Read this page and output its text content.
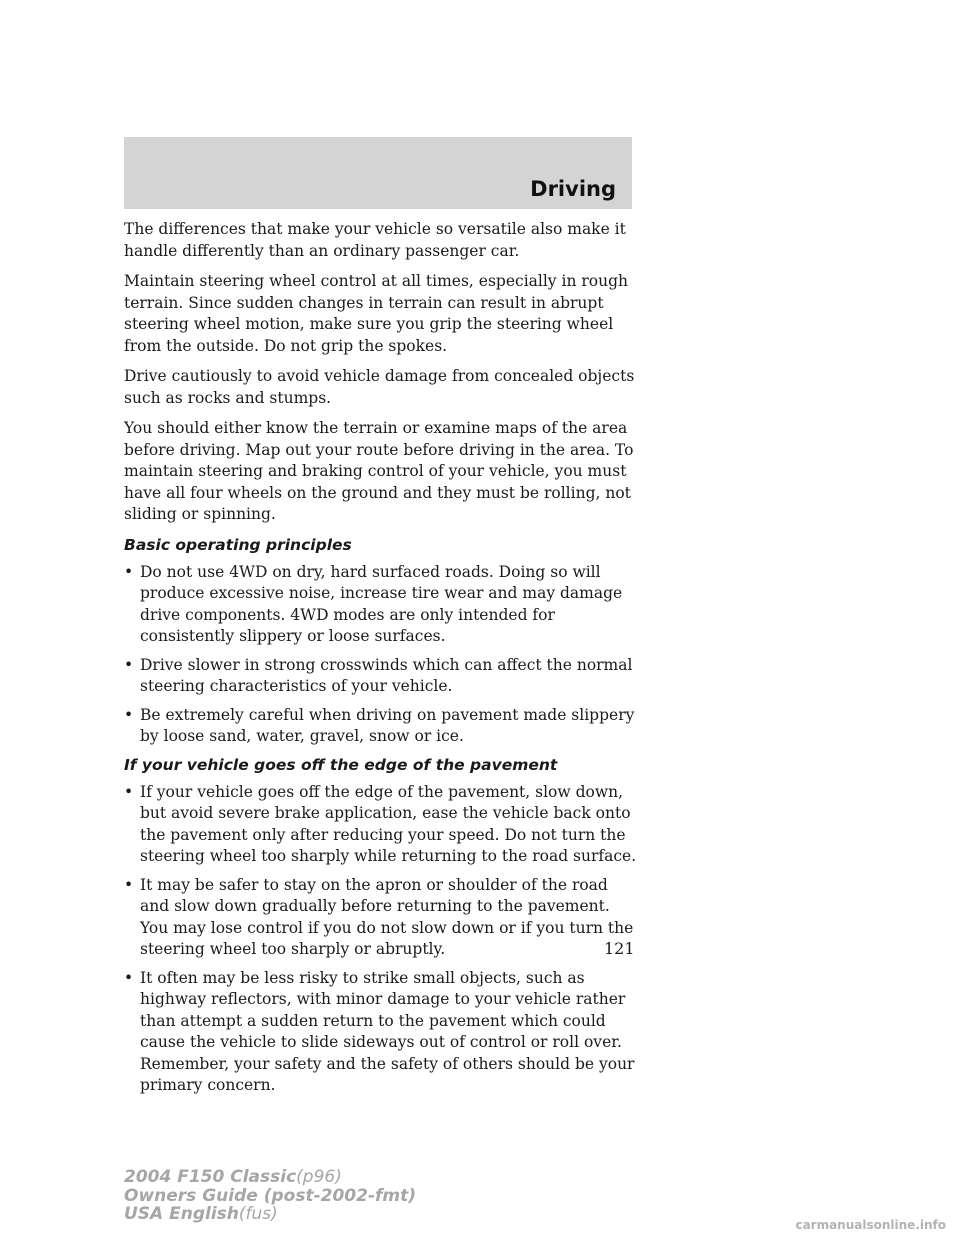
Driving

The differences that make your vehicle so versatile also make it handle differently than an ordinary passenger car.

Maintain steering wheel control at all times, especially in rough terrain. Since sudden changes in terrain can result in abrupt steering wheel motion, make sure you grip the steering wheel from the outside. Do not grip the spokes.

Drive cautiously to avoid vehicle damage from concealed objects such as rocks and stumps.

You should either know the terrain or examine maps of the area before driving. Map out your route before driving in the area. To maintain steering and braking control of your vehicle, you must have all four wheels on the ground and they must be rolling, not sliding or spinning.

Basic operating principles
• Do not use 4WD on dry, hard surfaced roads. Doing so will produce excessive noise, increase tire wear and may damage drive components. 4WD modes are only intended for consistently slippery or loose surfaces.
• Drive slower in strong crosswinds which can affect the normal steering characteristics of your vehicle.
• Be extremely careful when driving on pavement made slippery by loose sand, water, gravel, snow or ice.
If your vehicle goes off the edge of the pavement
• If your vehicle goes off the edge of the pavement, slow down, but avoid severe brake application, ease the vehicle back onto the pavement only after reducing your speed. Do not turn the steering wheel too sharply while returning to the road surface.
• It may be safer to stay on the apron or shoulder of the road and slow down gradually before returning to the pavement. You may lose control if you do not slow down or if you turn the steering wheel too sharply or abruptly.
• It often may be less risky to strike small objects, such as highway reflectors, with minor damage to your vehicle rather than attempt a sudden return to the pavement which could cause the vehicle to slide sideways out of control or roll over. Remember, your safety and the safety of others should be your primary concern.
121
2004 F150 Classic(p96)
Owners Guide (post-2002-fmt)
USA English(fus)
carmanualsonline.info
